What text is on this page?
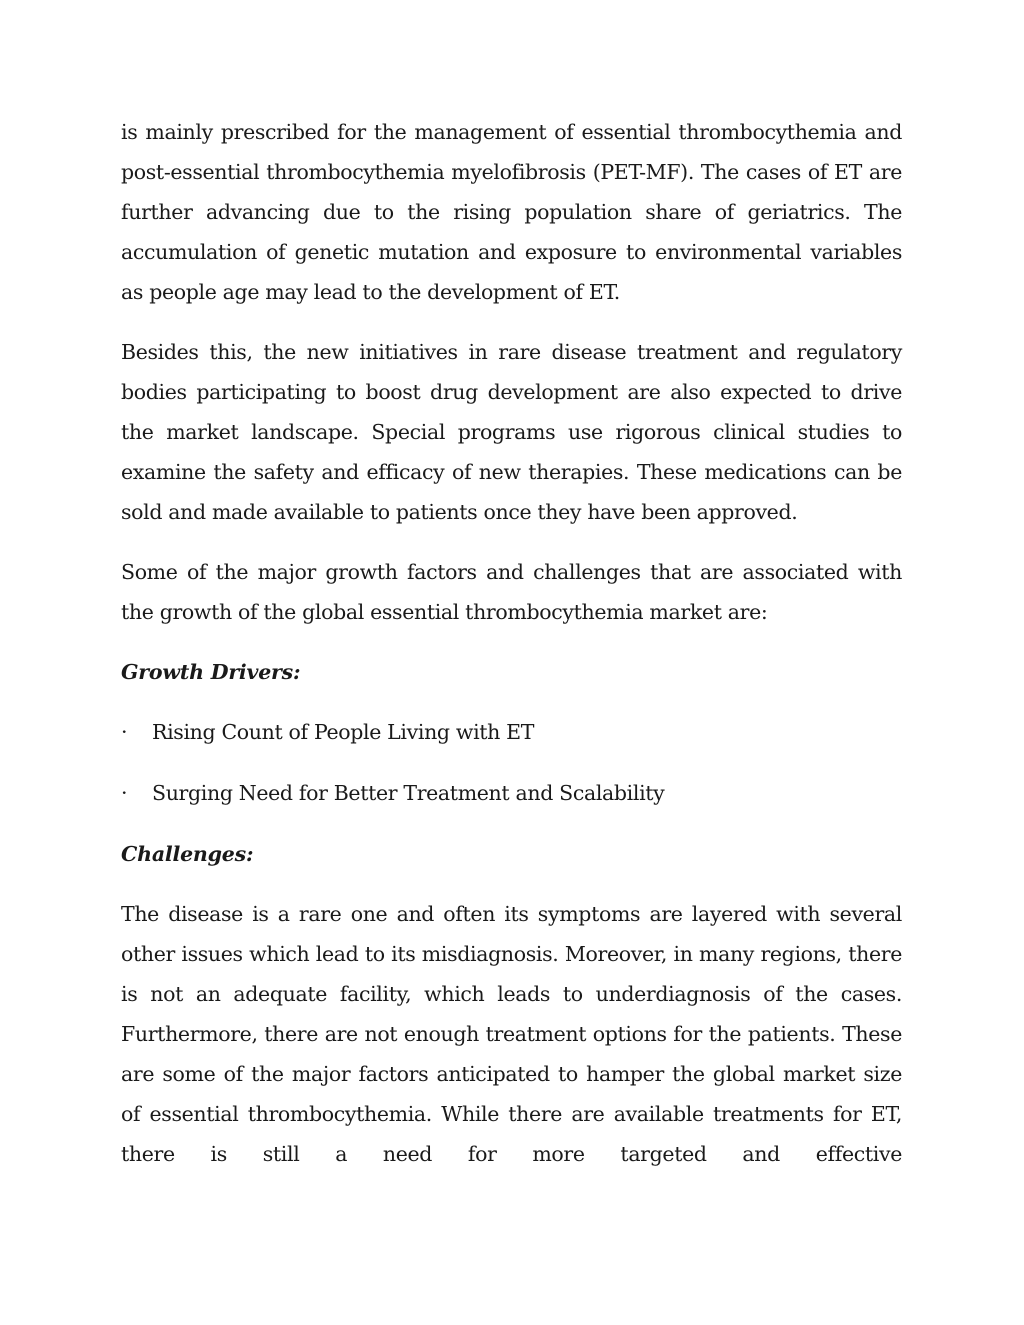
is mainly prescribed for the management of essential thrombocythemia and post-essential thrombocythemia myelofibrosis (PET-MF). The cases of ET are further advancing due to the rising population share of geriatrics. The accumulation of genetic mutation and exposure to environmental variables as people age may lead to the development of ET.

Besides this, the new initiatives in rare disease treatment and regulatory bodies participating to boost drug development are also expected to drive the market landscape. Special programs use rigorous clinical studies to examine the safety and efficacy of new therapies. These medications can be sold and made available to patients once they have been approved.

Some of the major growth factors and challenges that are associated with the growth of the global essential thrombocythemia market are:

Growth Drivers:

·	Rising Count of People Living with ET
·	Surging Need for Better Treatment and Scalability

Challenges:

The disease is a rare one and often its symptoms are layered with several other issues which lead to its misdiagnosis. Moreover, in many regions, there is not an adequate facility, which leads to underdiagnosis of the cases. Furthermore, there are not enough treatment options for the patients. These are some of the major factors anticipated to hamper the global market size of essential thrombocythemia. While there are available treatments for ET, there is still a need for more targeted and effective
